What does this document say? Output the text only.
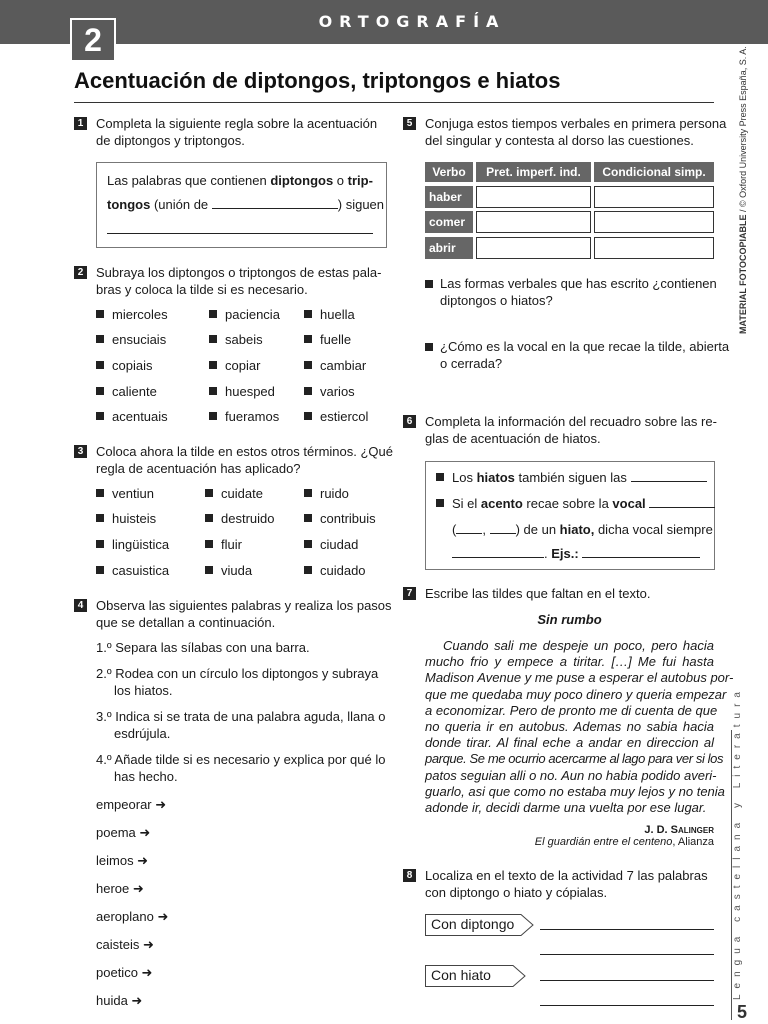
2
ORTOGRAFÍA
Acentuación de diptongos, triptongos e hiatos
1 Completa la siguiente regla sobre la acentuación
de diptongos y triptongos.

Las palabras que contienen diptongos o trip-
tongos (unión de	) siguen
2 Subraya los diptongos o triptongos de estas pala-
bras y coloca la tilde si es necesario.

miercoles
ensuciais
copiais
caliente
acentuais
paciencia
sabeis
copiar
huesped
fueramos
huella
fuelle
cambiar
varios
estiercol
3 Coloca ahora la tilde en estos otros términos. ¿Qué
regla de acentuación has aplicado?

ventiun
huisteis
lingüistica
casuistica
cuidate
destruido
fluir
viuda
ruido
contribuis
ciudad
cuidado
4 Observa las siguientes palabras y realiza los pasos
que se detallan a continuación.

1.º Separa las sílabas con una barra.
2.º Rodea con un círculo los diptongos y subraya
los hiatos.
3.º Indica si se trata de una palabra aguda, llana o
esdrújula.
4.º Añade tilde si es necesario y explica por qué lo
has hecho.
empeorar ➜
poema ➜
leimos ➜
heroe ➜
aeroplano ➜
caisteis ➜
poetico ➜
huida ➜
5 Conjuga estos tiempos verbales en primera persona
del singular y contesta al dorso las cuestiones.

Verbo	Pret. imperf. ind.	Condicional simp.
haber
comer
abrir
Las formas verbales que has escrito ¿contienen
diptongos o hiatos?
¿Cómo es la vocal en la que recae la tilde, abierta
o cerrada?
6 Completa la información del recuadro sobre las re-
glas de acentuación de hiatos.

Los hiatos también siguen las
Si el acento recae sobre la vocal
( , ) de un hiato, dicha vocal siempre
. Ejs.:
7 Escribe las tildes que faltan en el texto.

Sin rumbo
Cuando sali me despeje un poco, pero hacia
mucho frio y empece a tiritar. […] Me fui hasta
Madison Avenue y me puse a esperar el autobus por-
que me quedaba muy poco dinero y queria empezar
a economizar. Pero de pronto me di cuenta de que
no queria ir en autobus. Ademas no sabia hacia
donde tirar. Al final eche a andar en direccion al
parque. Se me ocurrio acercarme al lago para ver si los
patos seguian alli o no. Aun no habia podido averi-
guarlo, asi que como no estaba muy lejos y no tenia
adonde ir, decidi darme una vuelta por ese lugar.
J. D. Salinger
El guardián entre el centeno, Alianza
8 Localiza en el texto de la actividad 7 las palabras
con diptongo o hiato y cópialas.

Con diptongo
Con hiato
MATERIAL FOTOCOPIABLE / © Oxford University Press España, S. A.
Lengua castellana y Literatura
5
